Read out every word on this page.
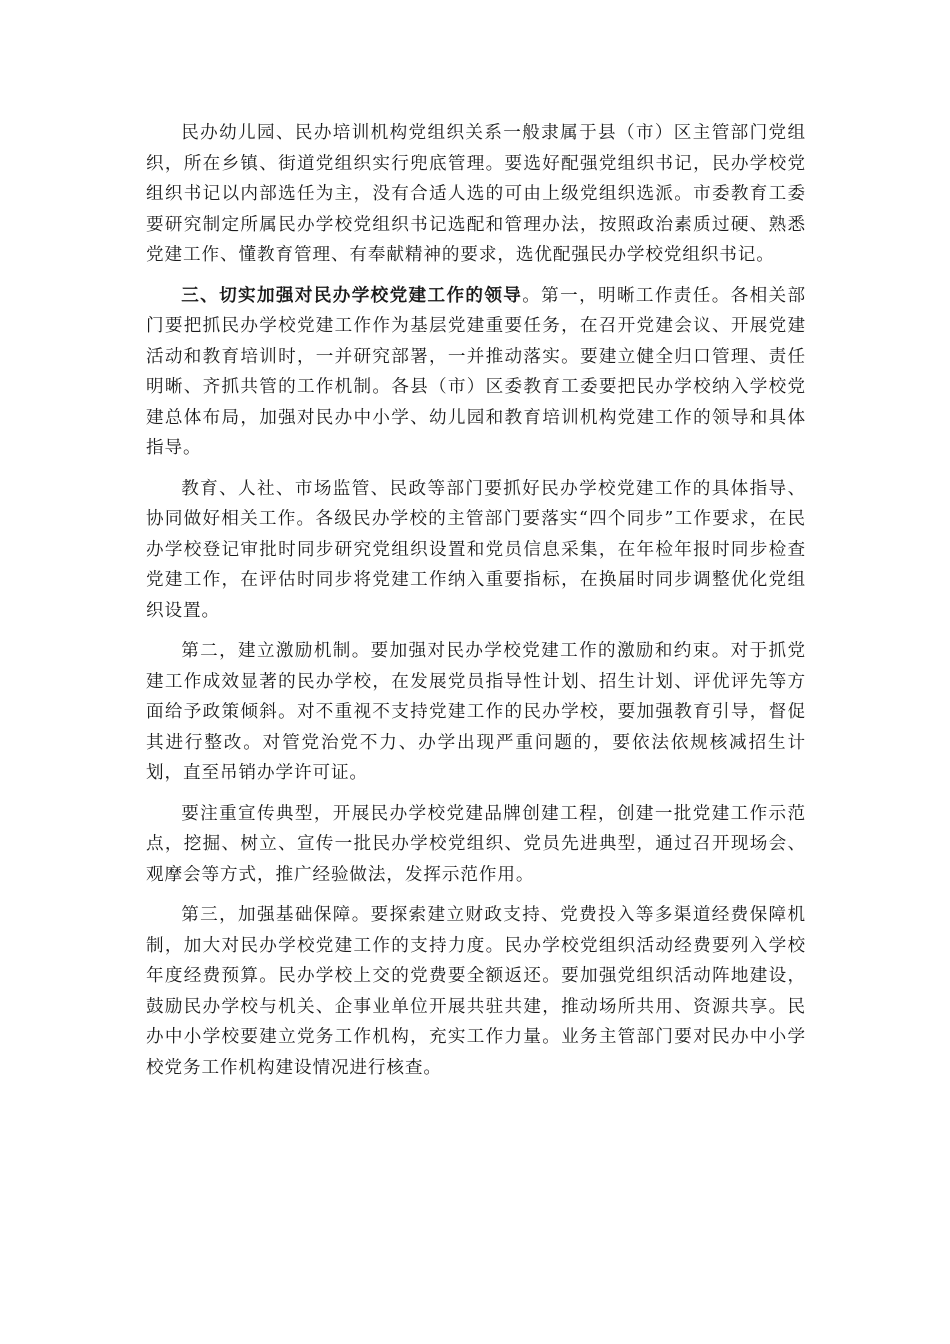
民办幼儿园、民办培训机构党组织关系一般隶属于县（市）区主管部门党组织，所在乡镇、街道党组织实行兜底管理。要选好配强党组织书记，民办学校党组织书记以内部选任为主，没有合适人选的可由上级党组织选派。市委教育工委要研究制定所属民办学校党组织书记选配和管理办法，按照政治素质过硬、熟悉党建工作、懂教育管理、有奉献精神的要求，选优配强民办学校党组织书记。

三、切实加强对民办学校党建工作的领导。第一，明晰工作责任。各相关部门要把抓民办学校党建工作作为基层党建重要任务，在召开党建会议、开展党建活动和教育培训时，一并研究部署，一并推动落实。要建立健全归口管理、责任明晰、齐抓共管的工作机制。各县（市）区委教育工委要把民办学校纳入学校党建总体布局，加强对民办中小学、幼儿园和教育培训机构党建工作的领导和具体指导。

教育、人社、市场监管、民政等部门要抓好民办学校党建工作的具体指导、协同做好相关工作。各级民办学校的主管部门要落实“四个同步”工作要求，在民办学校登记审批时同步研究党组织设置和党员信息采集，在年检年报时同步检查党建工作，在评估时同步将党建工作纳入重要指标，在换届时同步调整优化党组织设置。

第二，建立激励机制。要加强对民办学校党建工作的激励和约束。对于抓党建工作成效显著的民办学校，在发展党员指导性计划、招生计划、评优评先等方面给予政策倾斜。对不重视不支持党建工作的民办学校，要加强教育引导，督促其进行整改。对管党治党不力、办学出现严重问题的，要依法依规核减招生计划，直至吊销办学许可证。

要注重宣传典型，开展民办学校党建品牌创建工程，创建一批党建工作示范点，挖掘、树立、宣传一批民办学校党组织、党员先进典型，通过召开现场会、观摩会等方式，推广经验做法，发挥示范作用。

第三，加强基础保障。要探索建立财政支持、党费投入等多渠道经费保障机制，加大对民办学校党建工作的支持力度。民办学校党组织活动经费要列入学校年度经费预算。民办学校上交的党费要全额返还。要加强党组织活动阵地建设，鼓励民办学校与机关、企事业单位开展共驻共建，推动场所共用、资源共享。民办中小学校要建立党务工作机构，充实工作力量。业务主管部门要对民办中小学校党务工作机构建设情况进行核查。
